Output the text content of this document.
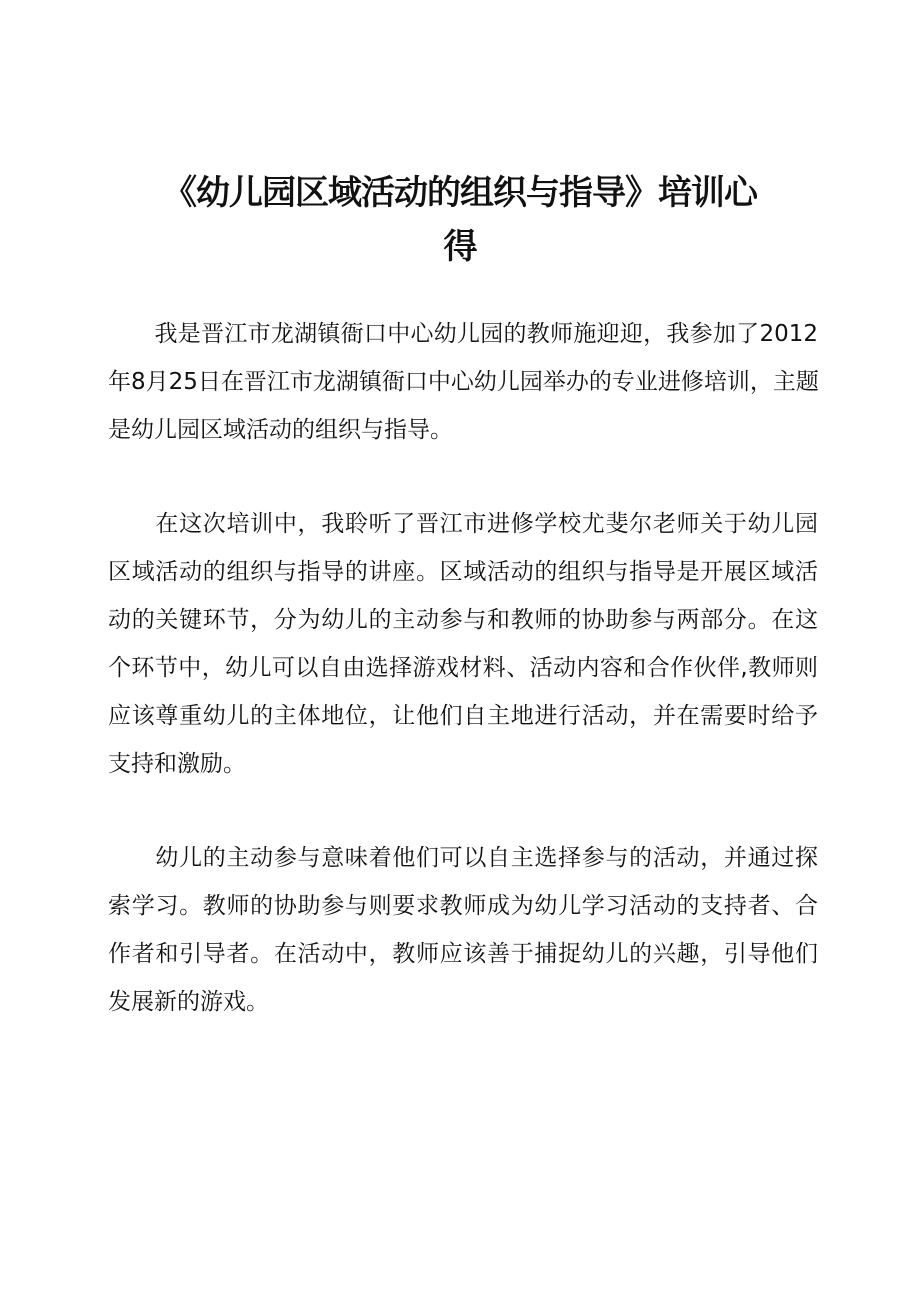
《幼儿园区域活动的组织与指导》培训心
得

　　我是晋江市龙湖镇衙口中心幼儿园的教师施迎迎，我参加了2012
年8月25日在晋江市龙湖镇衙口中心幼儿园举办的专业进修培训，主题
是幼儿园区域活动的组织与指导。

　　在这次培训中，我聆听了晋江市进修学校尤斐尔老师关于幼儿园
区域活动的组织与指导的讲座。区域活动的组织与指导是开展区域活
动的关键环节，分为幼儿的主动参与和教师的协助参与两部分。在这
个环节中，幼儿可以自由选择游戏材料、活动内容和合作伙伴,教师则
应该尊重幼儿的主体地位，让他们自主地进行活动，并在需要时给予
支持和激励。

　　幼儿的主动参与意味着他们可以自主选择参与的活动，并通过探
索学习。教师的协助参与则要求教师成为幼儿学习活动的支持者、合
作者和引导者。在活动中，教师应该善于捕捉幼儿的兴趣，引导他们
发展新的游戏。
